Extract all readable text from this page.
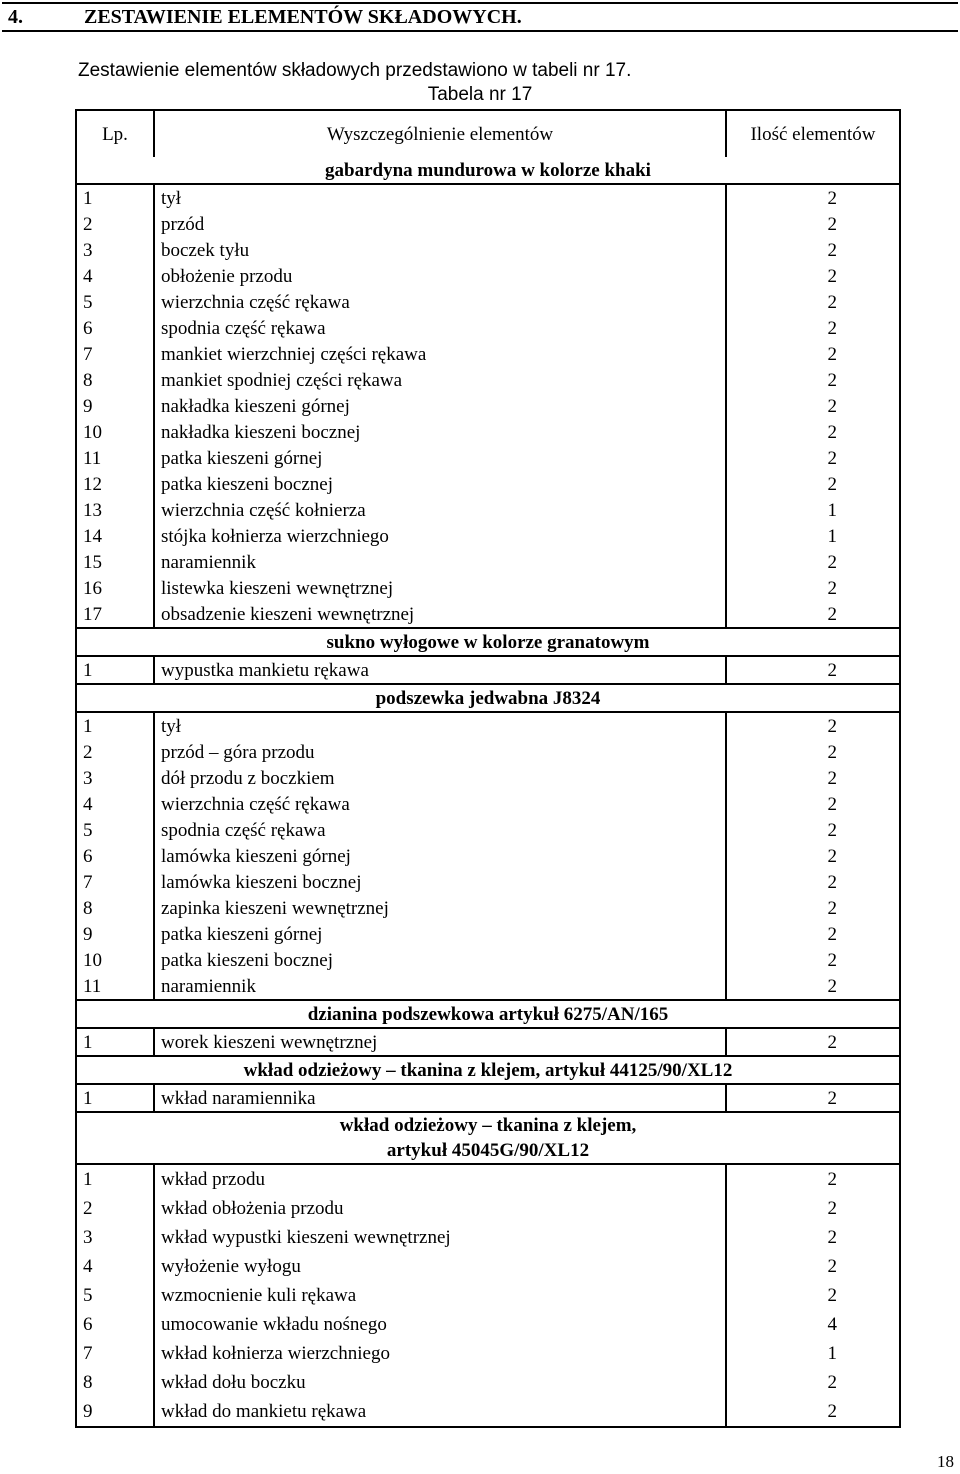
4.	ZESTAWIENIE ELEMENTÓW SKŁADOWYCH.
Zestawienie elementów składowych przedstawiono w tabeli nr 17.
Tabela nr 17
Lp.	Wyszczególnienie elementów	Ilość elementów

gabardyna mundurowa w kolorze khaki		

1	tył	2
2	przód	2
3	boczek tyłu	2
4	obłożenie przodu	2
5	wierzchnia część rękawa	2
6	spodnia część rękawa	2
7	mankiet wierzchniej części rękawa	2
8	mankiet spodniej części rękawa	2
9	nakładka kieszeni górnej	2
10	nakładka kieszeni bocznej	2
11	patka kieszeni górnej	2
12	patka kieszeni bocznej	2
13	wierzchnia część kołnierza	1
14	stójka kołnierza wierzchniego	1
15	naramiennik	2
16	listewka kieszeni wewnętrznej	2
17	obsadzenie kieszeni wewnętrznej	2

sukno wyłogowe w kolorze granatowym		

1	wypustka mankietu rękawa	2

podszewka jedwabna J8324		

1	tył	2
2	przód – góra przodu	2
3	dół przodu z boczkiem	2
4	wierzchnia część rękawa	2
5	spodnia część rękawa	2
6	lamówka kieszeni górnej	2
7	lamówka kieszeni bocznej	2
8	zapinka kieszeni wewnętrznej	2
9	patka kieszeni górnej	2
10	patka kieszeni bocznej	2
11	naramiennik	2

dzianina podszewkowa artykuł 6275/AN/165		

1	worek kieszeni wewnętrznej	2

wkład odzieżowy – tkanina z klejem, artykuł 44125/90/XL12		

1	wkład naramiennika	2

wkład odzieżowy – tkanina z klejem,
artykuł 45045G/90/XL12		

1	wkład przodu	2
2	wkład obłożenia przodu	2
3	wkład wypustki kieszeni wewnętrznej	2
4	wyłożenie wyłogu	2
5	wzmocnienie kuli rękawa	2
6	umocowanie wkładu nośnego	4
7	wkład kołnierza wierzchniego	1
8	wkład dołu boczku	2
9	wkład do mankietu rękawa	2
18
